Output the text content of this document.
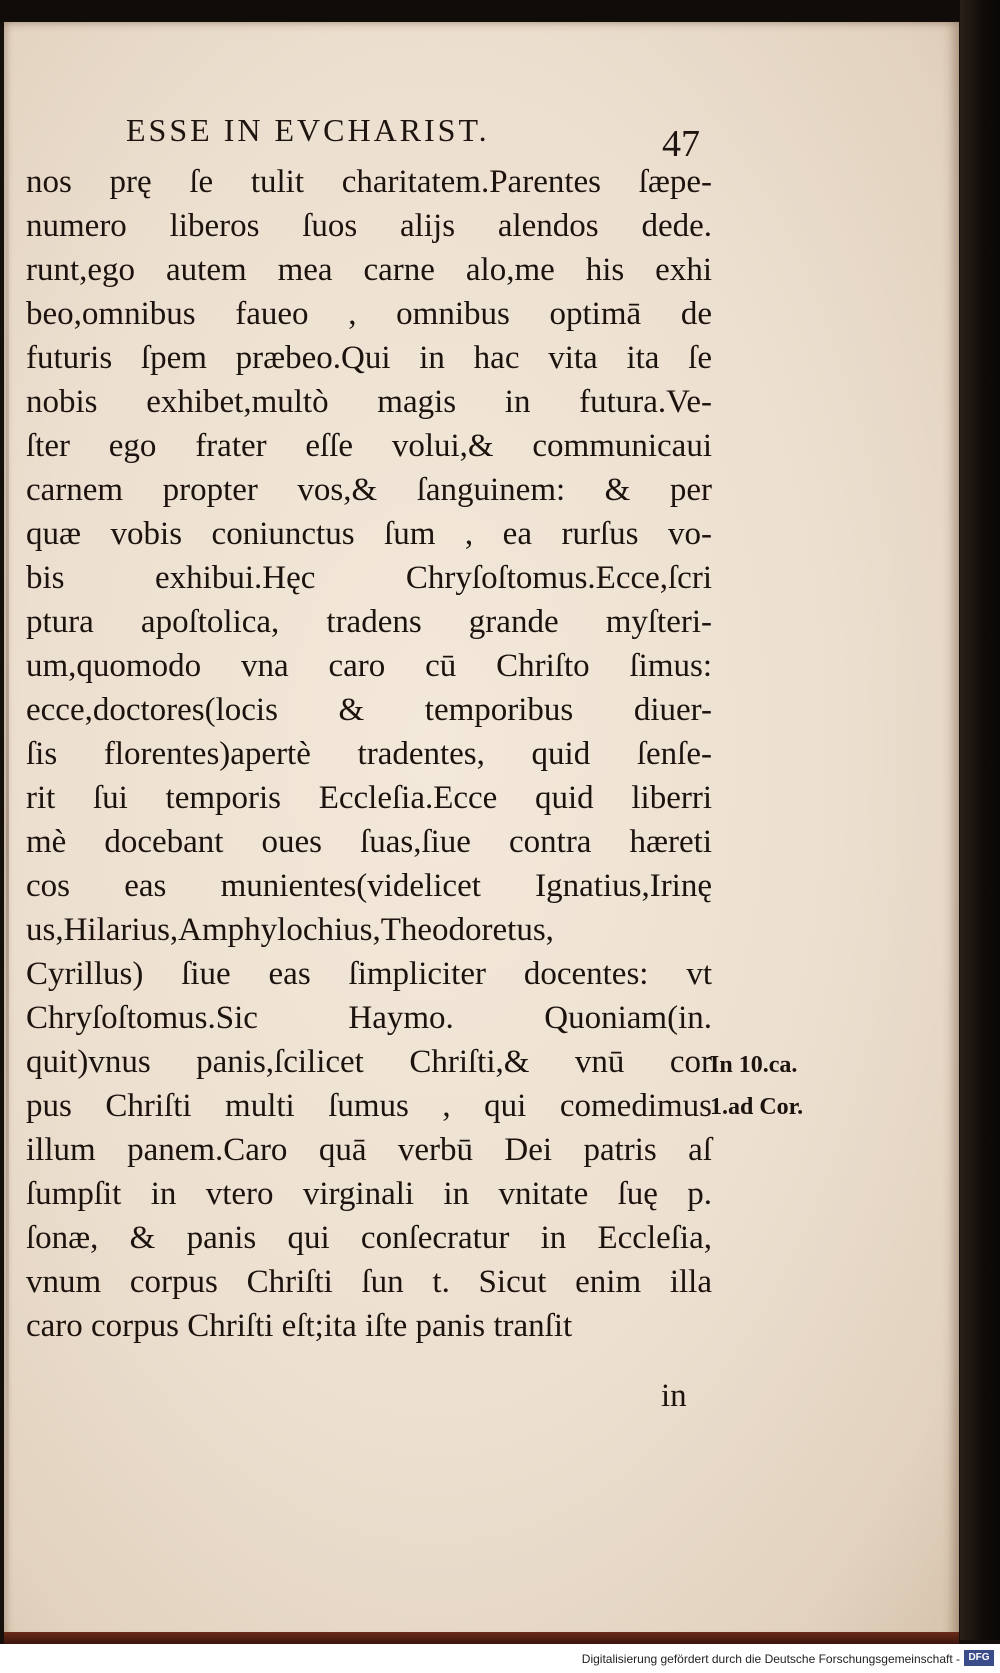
ESSE IN EVCHARIST.	47
nos prę ſe tulit charitatem.Parentes ſæpe-
numero liberos ſuos alijs alendos dede.
runt,ego autem mea carne alo,me his exhi
beo,omnibus faueo , omnibus optimā de
futuris ſpem præbeo.Qui in hac vita ita ſe
nobis exhibet,multò magis in futura.Ve-
ſter ego frater eſſe volui,& communicaui
carnem propter vos,& ſanguinem: & per
quæ vobis coniunctus ſum , ea rurſus vo-
bis exhibui.Hęc Chryſoſtomus.Ecce,ſcri
ptura apoſtolica, tradens grande myſteri-
um,quomodo vna caro cū Chriſto ſimus:
ecce,doctores(locis & temporibus diuer-
ſis florentes)apertè tradentes, quid ſenſe-
rit ſui temporis Eccleſia.Ecce quid liberri
mè docebant oues ſuas,ſiue contra hæreti
cos eas munientes(videlicet Ignatius,Irinę
us,Hilarius,Amphylochius,Theodoretus,
Cyrillus) ſiue eas ſimpliciter docentes: vt
Chryſoſtomus.Sic Haymo. Quoniam(in.
quit)vnus panis,ſcilicet Chriſti,& vnū cor
pus Chriſti multi ſumus , qui comedimus
illum panem.Caro quā verbū Dei patris aſ
ſumpſit in vtero virginali in vnitate ſuę p.
ſonæ, & panis qui conſecratur in Eccleſia,
vnum corpus Chriſti ſun t. Sicut enim illa
caro corpus Chriſti eſt;ita iſte panis tranſit
in
In 10.ca.
1.ad Cor.
Digitalisierung gefördert durch die Deutsche Forschungsgemeinschaft - DFG
